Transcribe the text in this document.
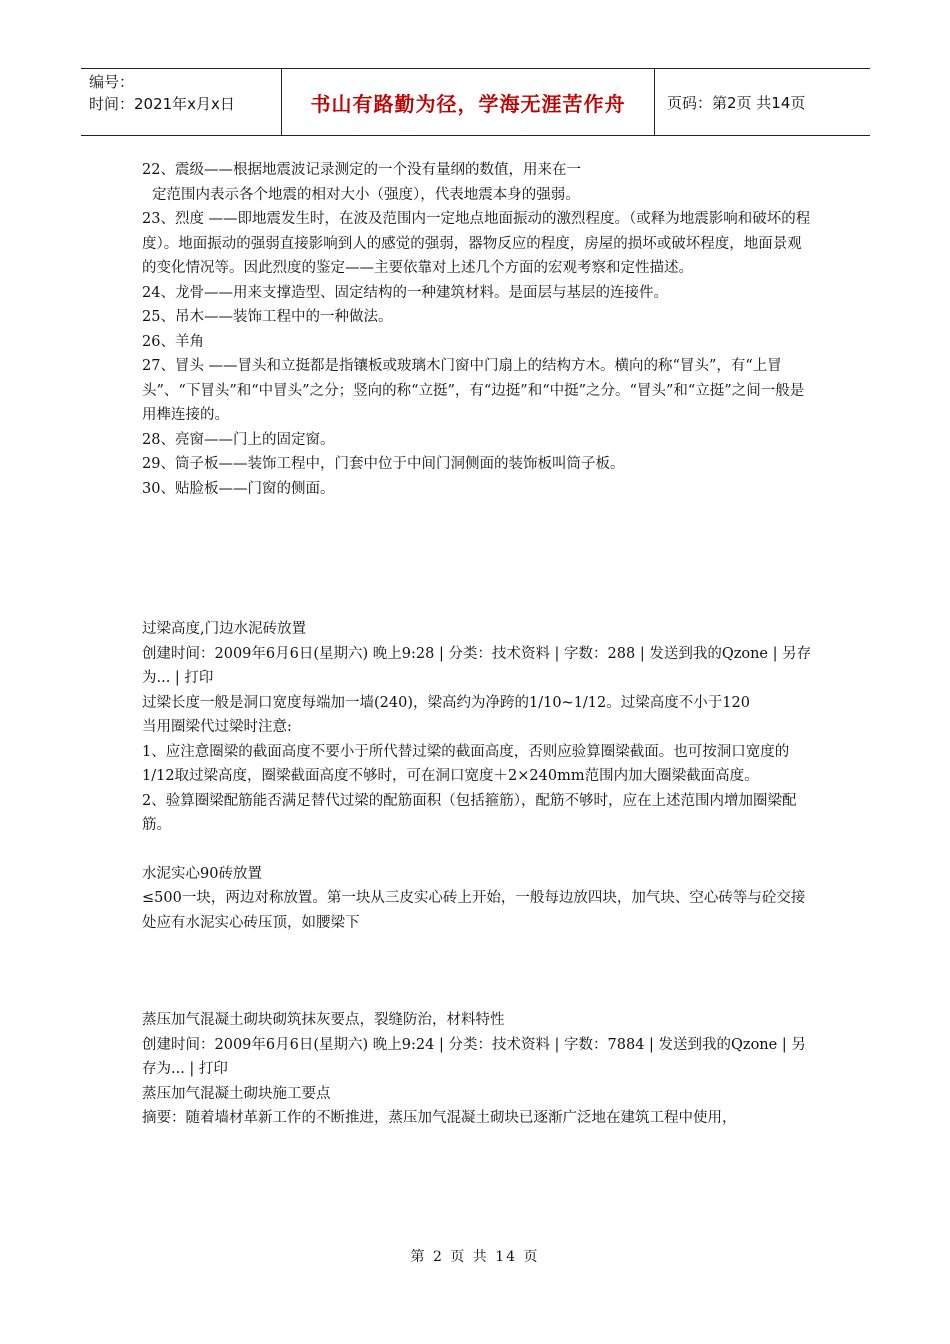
编号：
时间：2021年x月x日	书山有路勤为径，学海无涯苦作舟	页码：第2页 共14页

22、震级——根据地震波记录测定的一个没有量纲的数值，用来在一

定范围内表示各个地震的相对大小（强度），代表地震本身的强弱。

23、烈度 ——即地震发生时，在波及范围内一定地点地面振动的激烈程度。（或释为地震影响和破坏的程度）。地面振动的强弱直接影响到人的感觉的强弱，器物反应的程度，房屋的损坏或破坏程度，地面景观的变化情况等。因此烈度的鉴定——主要依靠对上述几个方面的宏观考察和定性描述。

24、龙骨——用来支撑造型、固定结构的一种建筑材料。是面层与基层的连接件。

25、吊木——装饰工程中的一种做法。

26、羊角

27、冒头 ——冒头和立挺都是指镶板或玻璃木门窗中门扇上的结构方木。横向的称“冒头”，有“上冒头”、“下冒头”和“中冒头”之分；竖向的称“立挺”，有“边挺”和“中挺”之分。“冒头”和“立挺”之间一般是用榫连接的。

28、亮窗——门上的固定窗。

29、筒子板——装饰工程中，门套中位于中间门洞侧面的装饰板叫筒子板。

30、贴脸板——门窗的侧面。

过梁高度,门边水泥砖放置

创建时间：2009年6月6日(星期六) 晚上9:28 | 分类：技术资料 | 字数：288 | 发送到我的Qzone | 另存为... | 打印

过梁长度一般是洞口宽度每端加一墙(240)，梁高约为净跨的1/10~1/12。过梁高度不小于120

当用圈梁代过梁时注意:

1、应注意圈梁的截面高度不要小于所代替过梁的截面高度，否则应验算圈梁截面。也可按洞口宽度的1/12取过梁高度，圈梁截面高度不够时，可在洞口宽度＋2×240mm范围内加大圈梁截面高度。

2、验算圈梁配筋能否满足替代过梁的配筋面积（包括箍筋），配筋不够时，应在上述范围内增加圈梁配筋。

水泥实心90砖放置

≤500一块，两边对称放置。第一块从三皮实心砖上开始，一般每边放四块，加气块、空心砖等与砼交接处应有水泥实心砖压顶，如腰梁下

蒸压加气混凝土砌块砌筑抹灰要点，裂缝防治，材料特性

创建时间：2009年6月6日(星期六) 晚上9:24 | 分类：技术资料 | 字数：7884 | 发送到我的Qzone | 另存为... | 打印

蒸压加气混凝土砌块施工要点

摘要：随着墙材革新工作的不断推进，蒸压加气混凝土砌块已逐渐广泛地在建筑工程中使用，

第 2 页 共 14 页
